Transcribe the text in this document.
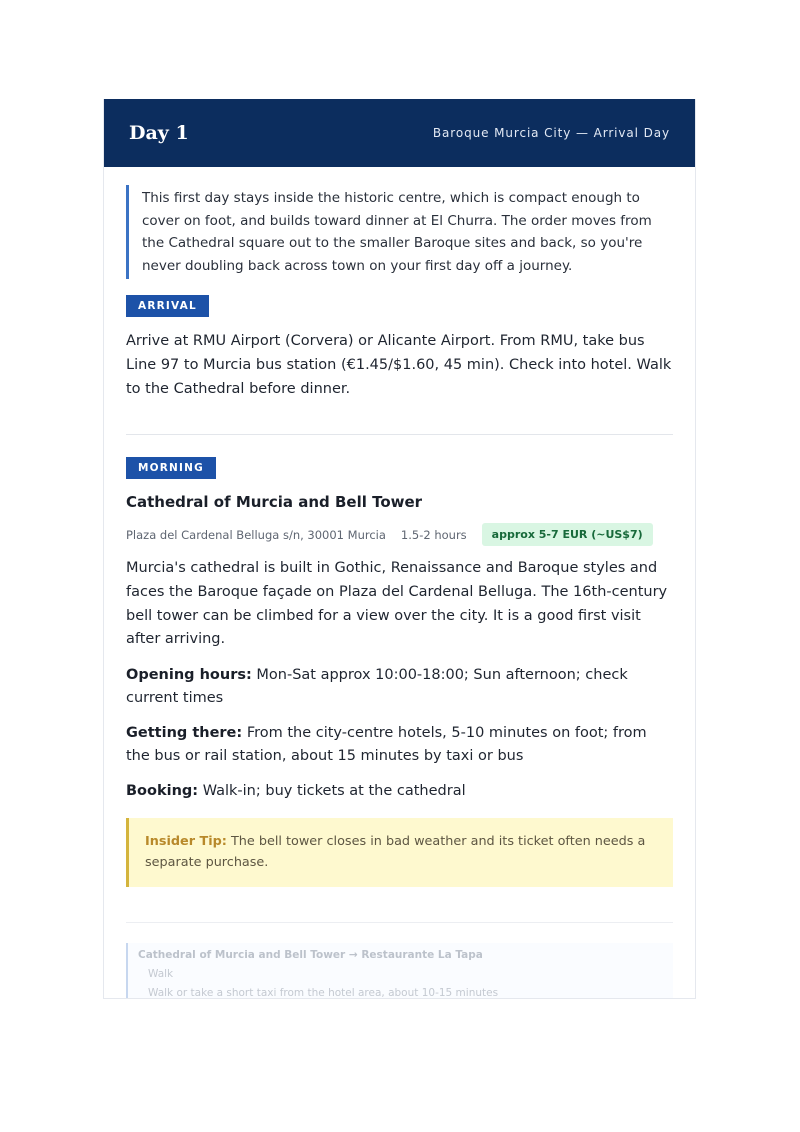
Day 1	Baroque Murcia City — Arrival Day
This first day stays inside the historic centre, which is compact enough to cover on foot, and builds toward dinner at El Churra. The order moves from the Cathedral square out to the smaller Baroque sites and back, so you're never doubling back across town on your first day off a journey.
ARRIVAL
Arrive at RMU Airport (Corvera) or Alicante Airport. From RMU, take bus Line 97 to Murcia bus station (€1.45/$1.60, 45 min). Check into hotel. Walk to the Cathedral before dinner.
MORNING
Cathedral of Murcia and Bell Tower
Plaza del Cardenal Belluga s/n, 30001 Murcia 1.5-2 hours	approx 5-7 EUR (~US$7)
Murcia's cathedral is built in Gothic, Renaissance and Baroque styles and faces the Baroque façade on Plaza del Cardenal Belluga. The 16th-century bell tower can be climbed for a view over the city. It is a good first visit after arriving.
Opening hours: Mon-Sat approx 10:00-18:00; Sun afternoon; check current times
Getting there: From the city-centre hotels, 5-10 minutes on foot; from the bus or rail station, about 15 minutes by taxi or bus
Booking: Walk-in; buy tickets at the cathedral
Insider Tip: The bell tower closes in bad weather and its ticket often needs a separate purchase.
Cathedral of Murcia and Bell Tower → Restaurante La Tapa
Walk
Walk or take a short taxi from the hotel area, about 10-15 minutes
